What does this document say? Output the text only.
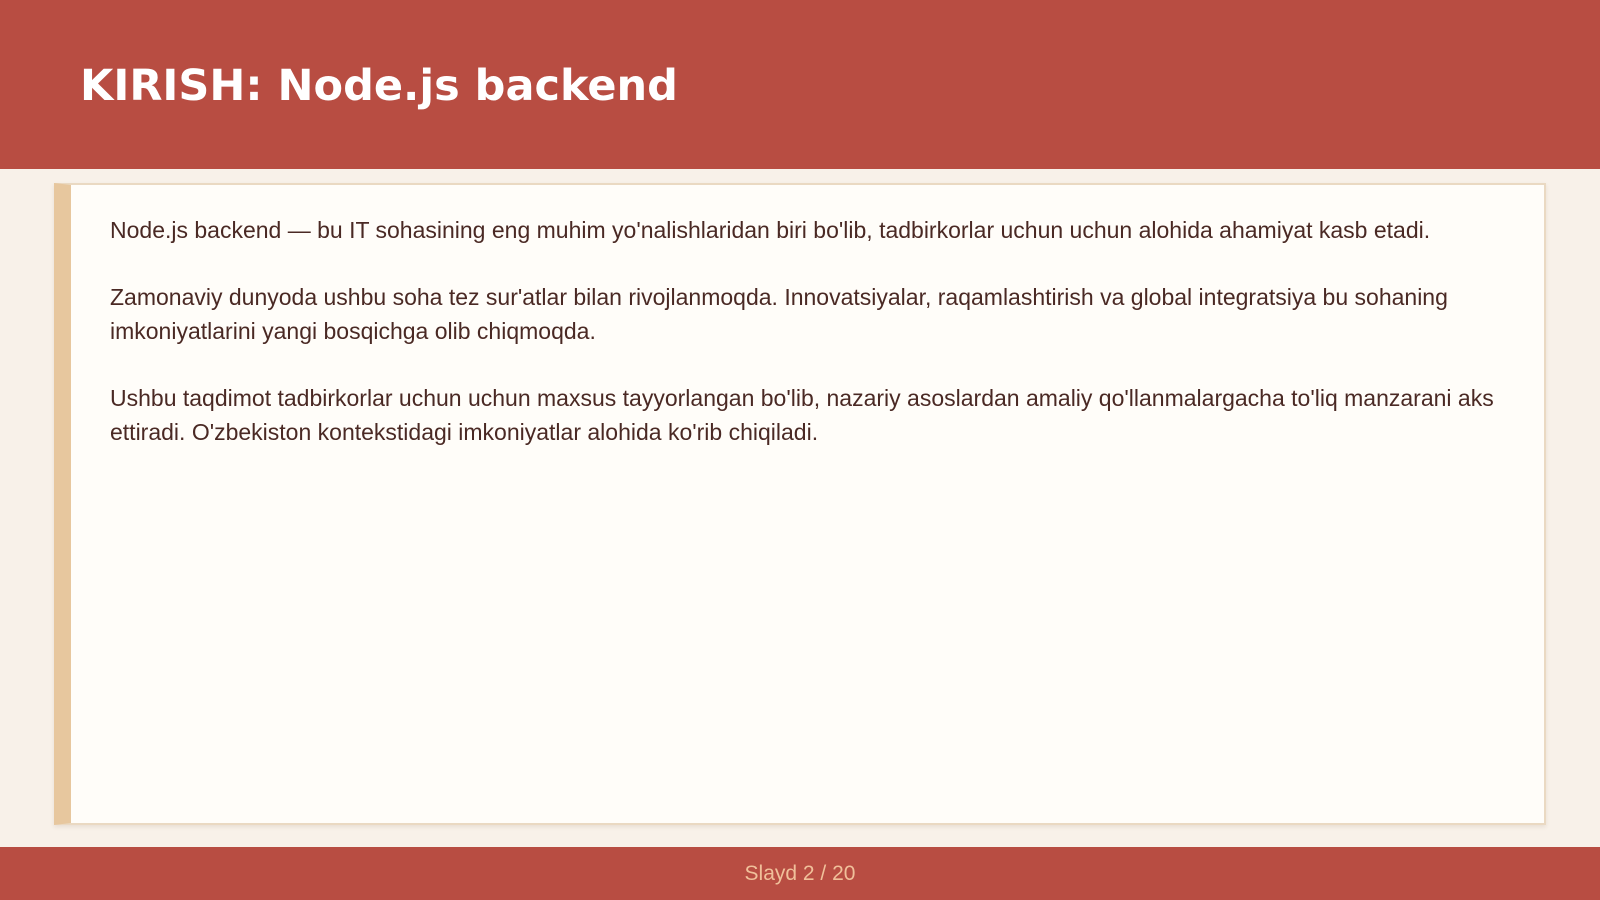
KIRISH: Node.js backend

Node.js backend — bu IT sohasining eng muhim yo'nalishlaridan biri bo'lib, tadbirkorlar uchun uchun alohida ahamiyat kasb etadi.

Zamonaviy dunyoda ushbu soha tez sur'atlar bilan rivojlanmoqda. Innovatsiyalar, raqamlashtirish va global integratsiya bu sohaning imkoniyatlarini yangi bosqichga olib chiqmoqda.

Ushbu taqdimot tadbirkorlar uchun uchun maxsus tayyorlangan bo'lib, nazariy asoslardan amaliy qo'llanmalargacha to'liq manzarani aks ettiradi. O'zbekiston kontekstidagi imkoniyatlar alohida ko'rib chiqiladi.

Slayd 2 / 20
